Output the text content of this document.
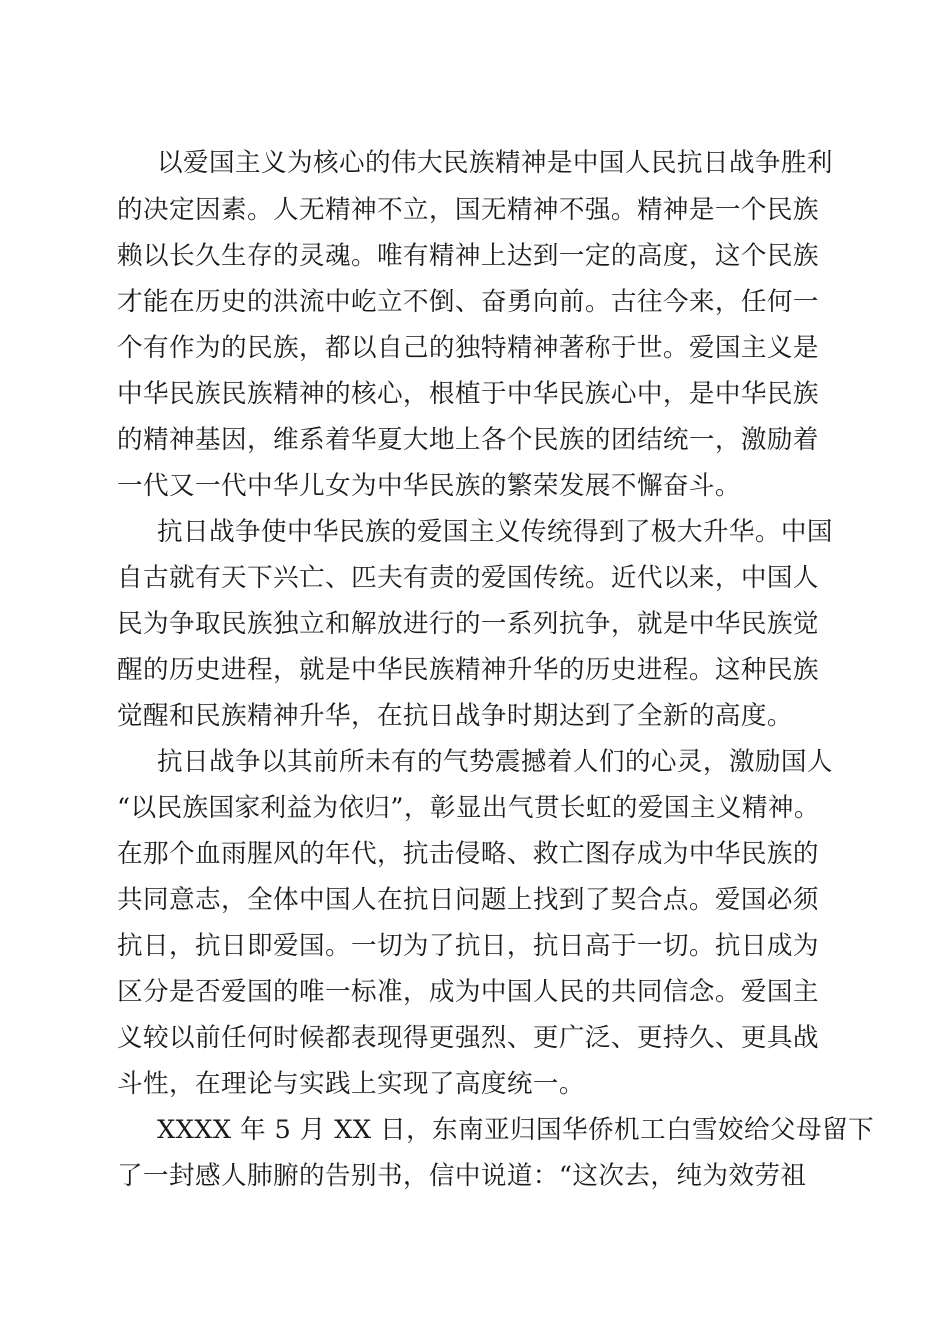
以爱国主义为核心的伟大民族精神是中国人民抗日战争胜利
的决定因素。人无精神不立，国无精神不强。精神是一个民族
赖以长久生存的灵魂。唯有精神上达到一定的高度，这个民族
才能在历史的洪流中屹立不倒、奋勇向前。古往今来，任何一
个有作为的民族，都以自己的独特精神著称于世。爱国主义是
中华民族民族精神的核心，根植于中华民族心中，是中华民族
的精神基因，维系着华夏大地上各个民族的团结统一，激励着
一代又一代中华儿女为中华民族的繁荣发展不懈奋斗。
抗日战争使中华民族的爱国主义传统得到了极大升华。中国
自古就有天下兴亡、匹夫有责的爱国传统。近代以来，中国人
民为争取民族独立和解放进行的一系列抗争，就是中华民族觉
醒的历史进程，就是中华民族精神升华的历史进程。这种民族
觉醒和民族精神升华，在抗日战争时期达到了全新的高度。
抗日战争以其前所未有的气势震撼着人们的心灵，激励国人
“以民族国家利益为依归”，彰显出气贯长虹的爱国主义精神。
在那个血雨腥风的年代，抗击侵略、救亡图存成为中华民族的
共同意志，全体中国人在抗日问题上找到了契合点。爱国必须
抗日，抗日即爱国。一切为了抗日，抗日高于一切。抗日成为
区分是否爱国的唯一标准，成为中国人民的共同信念。爱国主
义较以前任何时候都表现得更强烈、更广泛、更持久、更具战
斗性，在理论与实践上实现了高度统一。
XXXX 年 5 月 XX 日，东南亚归国华侨机工白雪姣给父母留下
了一封感人肺腑的告别书，信中说道：“这次去，纯为效劳祖
